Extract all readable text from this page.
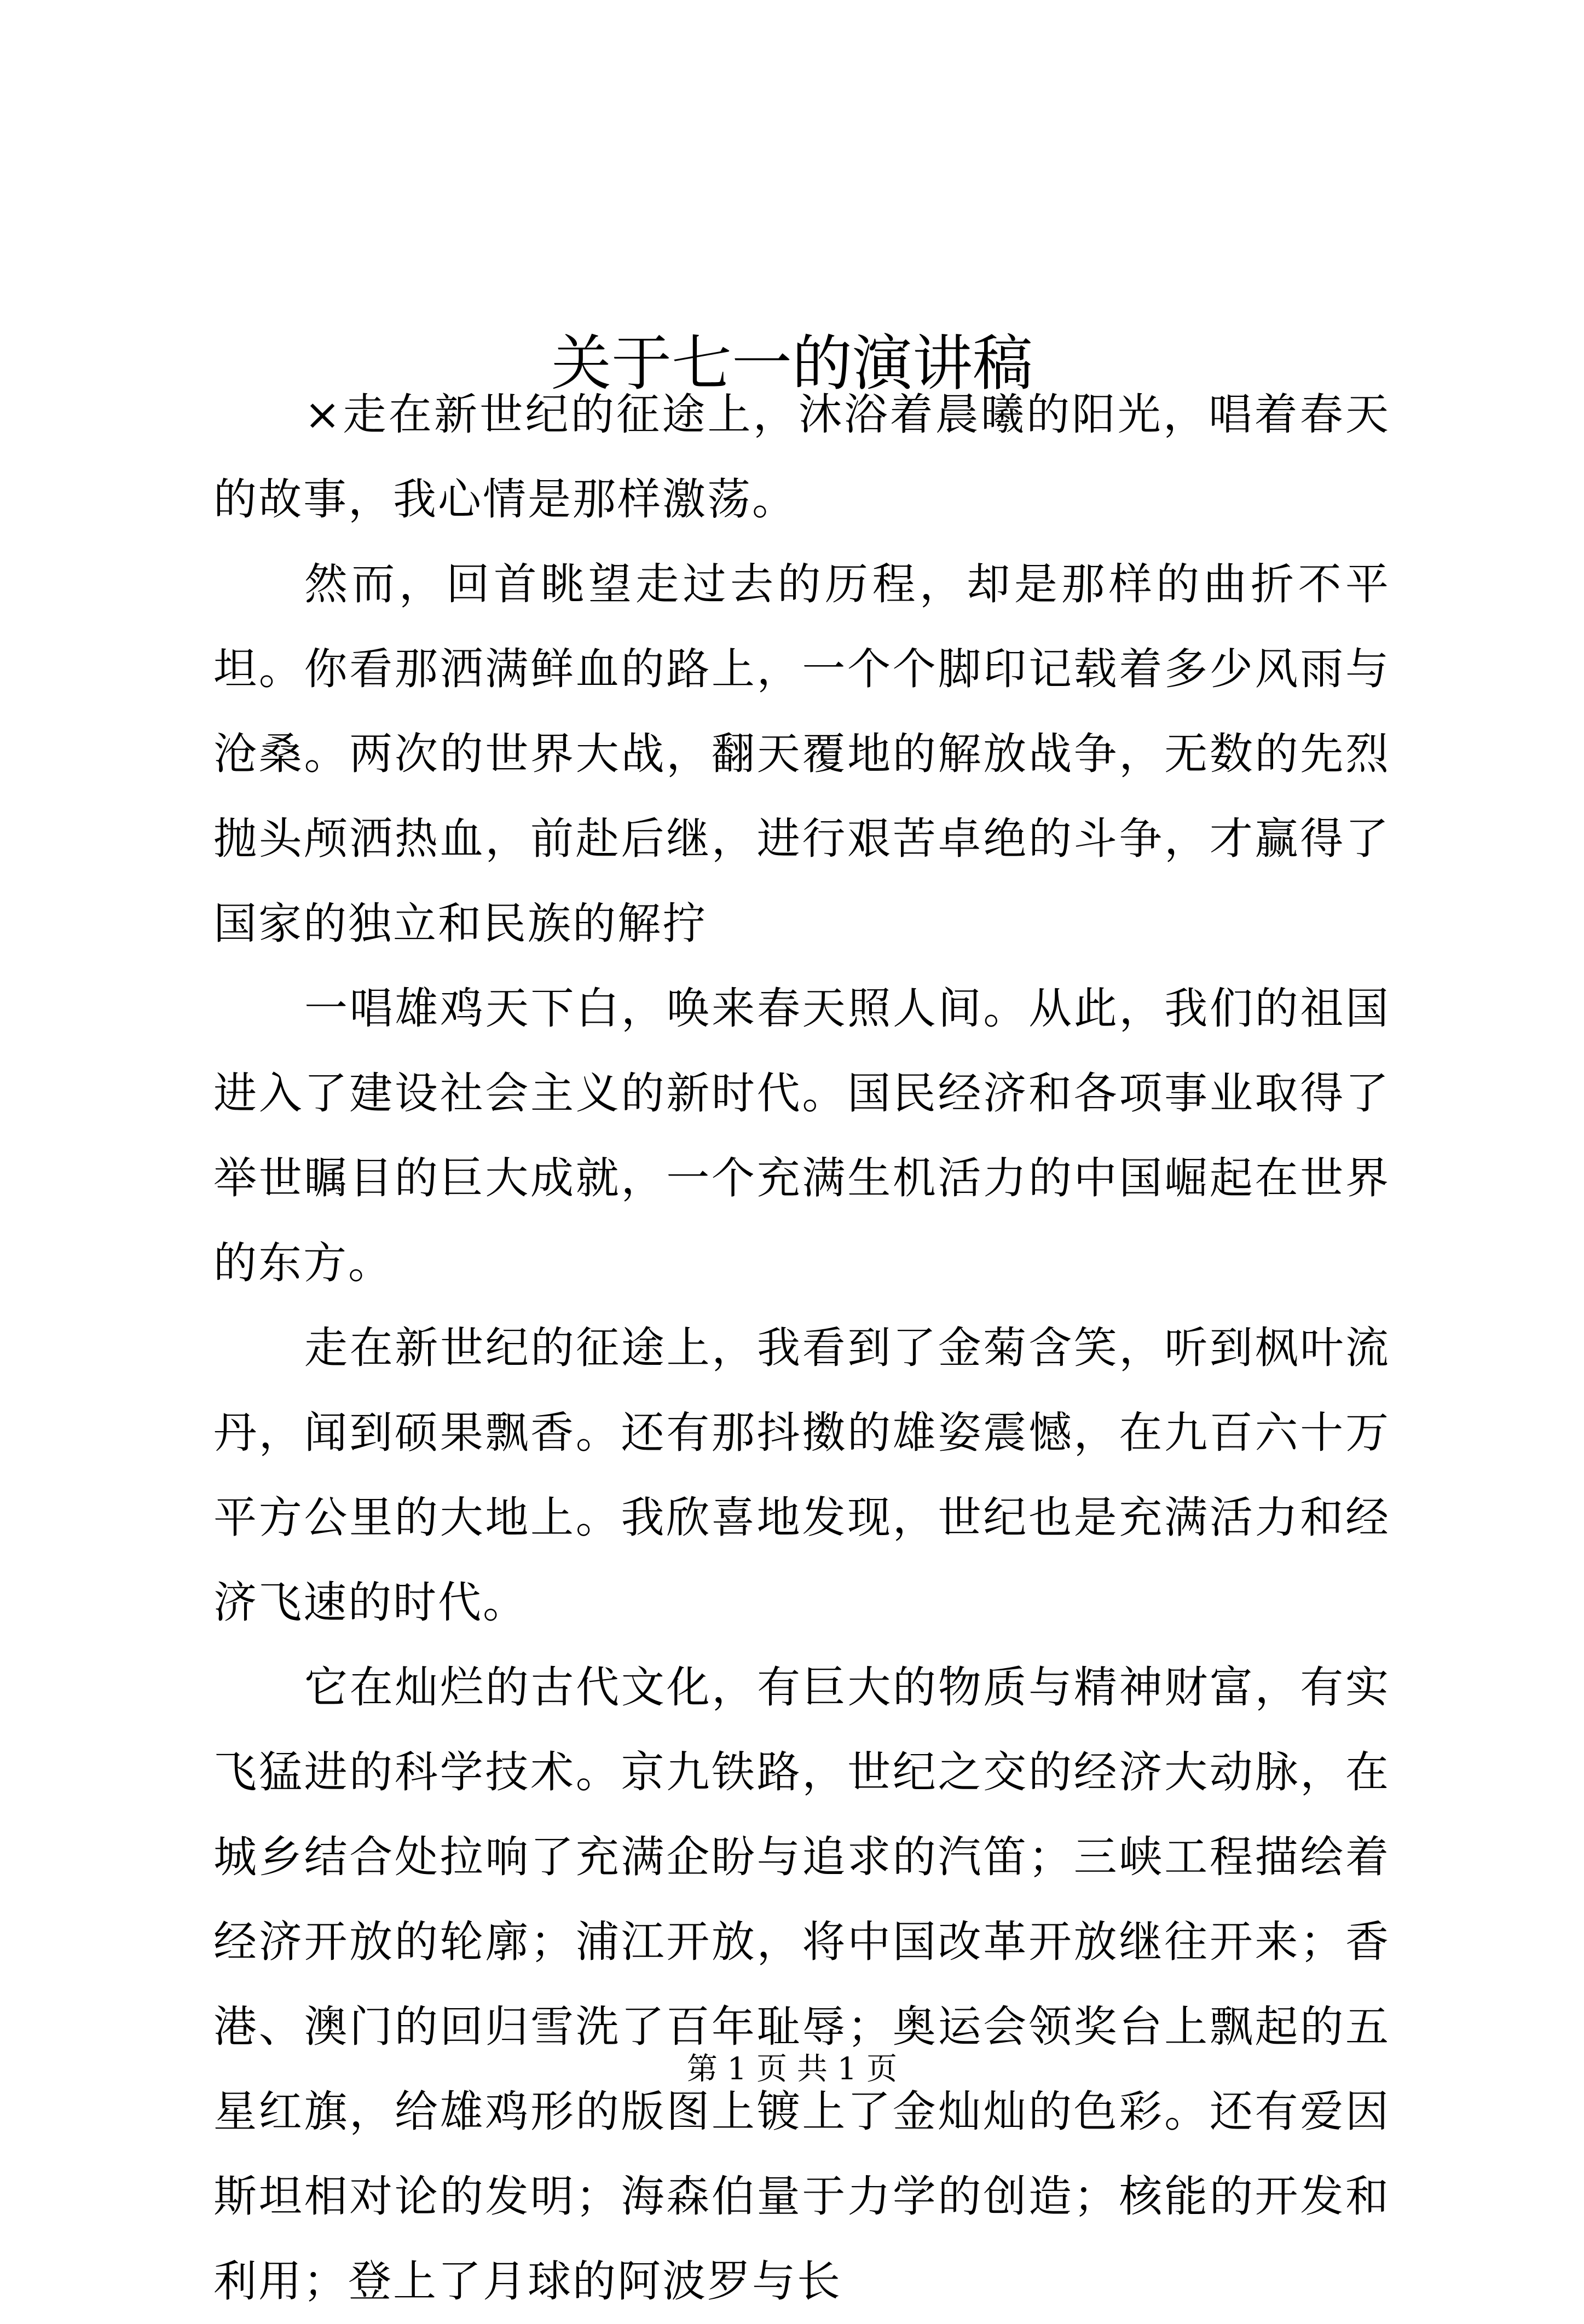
关于七一的演讲稿

×走在新世纪的征途上，沐浴着晨曦的阳光，唱着春天的故事，我心情是那样激荡。

然而，回首眺望走过去的历程，却是那样的曲折不平坦。你看那洒满鲜血的路上，一个个脚印记载着多少风雨与沧桑。两次的世界大战，翻天覆地的解放战争，无数的先烈抛头颅洒热血，前赴后继，进行艰苦卓绝的斗争，才赢得了国家的独立和民族的解拧

一唱雄鸡天下白，唤来春天照人间。从此，我们的祖国进入了建设社会主义的新时代。国民经济和各项事业取得了举世瞩目的巨大成就，一个充满生机活力的中国崛起在世界的东方。

走在新世纪的征途上，我看到了金菊含笑，听到枫叶流丹，闻到硕果飘香。还有那抖擞的雄姿震憾，在九百六十万平方公里的大地上。我欣喜地发现，世纪也是充满活力和经济飞速的时代。

它在灿烂的古代文化，有巨大的物质与精神财富，有实飞猛进的科学技术。京九铁路，世纪之交的经济大动脉，在城乡结合处拉响了充满企盼与追求的汽笛；三峡工程描绘着经济开放的轮廓；浦江开放，将中国改革开放继往开来；香港、澳门的回归雪洗了百年耻辱；奥运会领奖台上飘起的五星红旗，给雄鸡形的版图上镀上了金灿灿的色彩。还有爱因斯坦相对论的发明；海森伯量于力学的创造；核能的开发和利用；登上了月球的阿波罗与长

第 1 页 共 1 页
